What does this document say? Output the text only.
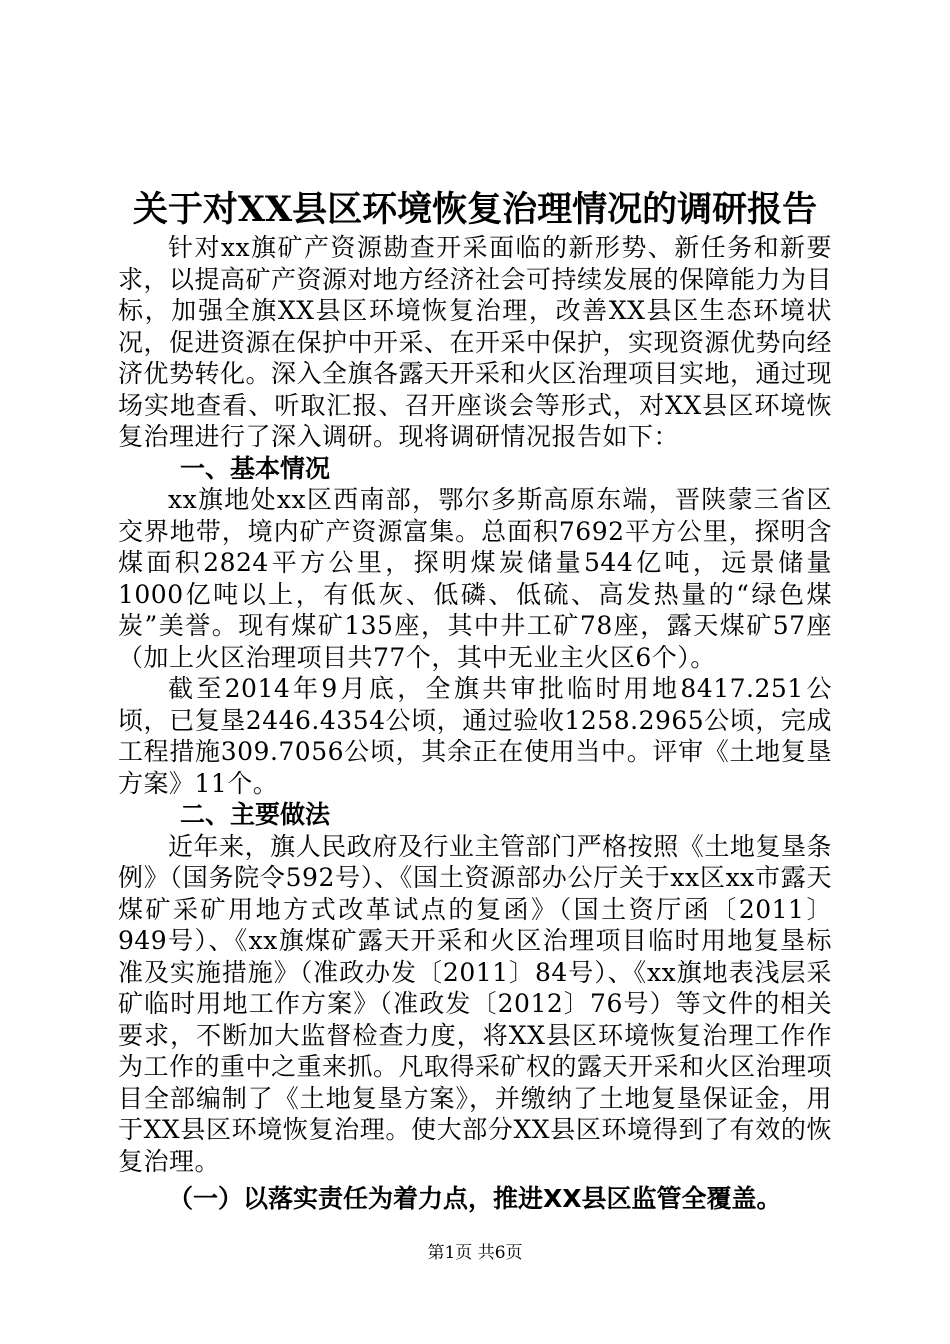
关于对XX县区环境恢复治理情况的调研报告

针对xx旗矿产资源勘查开采面临的新形势、新任务和新要求，以提高矿产资源对地方经济社会可持续发展的保障能力为目标，加强全旗XX县区环境恢复治理，改善XX县区生态环境状况，促进资源在保护中开采、在开采中保护，实现资源优势向经济优势转化。深入全旗各露天开采和火区治理项目实地，通过现场实地查看、听取汇报、召开座谈会等形式，对XX县区环境恢复治理进行了深入调研。现将调研情况报告如下：

一、基本情况

xx旗地处xx区西南部，鄂尔多斯高原东端，晋陕蒙三省区交界地带，境内矿产资源富集。总面积7692平方公里，探明含煤面积2824平方公里，探明煤炭储量544亿吨，远景储量1000亿吨以上，有低灰、低磷、低硫、高发热量的“绿色煤炭”美誉。现有煤矿135座，其中井工矿78座，露天煤矿57座（加上火区治理项目共77个，其中无业主火区6个）。

截至2014年9月底，全旗共审批临时用地8417.251公顷，已复垦2446.4354公顷，通过验收1258.2965公顷，完成工程措施309.7056公顷，其余正在使用当中。评审《土地复垦方案》11个。

二、主要做法

近年来，旗人民政府及行业主管部门严格按照《土地复垦条例》（国务院令592号）、《国土资源部办公厅关于xx区xx市露天煤矿采矿用地方式改革试点的复函》（国土资厅函〔2011〕949号）、《xx旗煤矿露天开采和火区治理项目临时用地复垦标准及实施措施》（准政办发〔2011〕84号）、《xx旗地表浅层采矿临时用地工作方案》（准政发〔2012〕76号）等文件的相关要求，不断加大监督检查力度，将XX县区环境恢复治理工作作为工作的重中之重来抓。凡取得采矿权的露天开采和火区治理项目全部编制了《土地复垦方案》，并缴纳了土地复垦保证金，用于XX县区环境恢复治理。使大部分XX县区环境得到了有效的恢复治理。

（一）以落实责任为着力点，推进XX县区监管全覆盖。

第1页 共6页
